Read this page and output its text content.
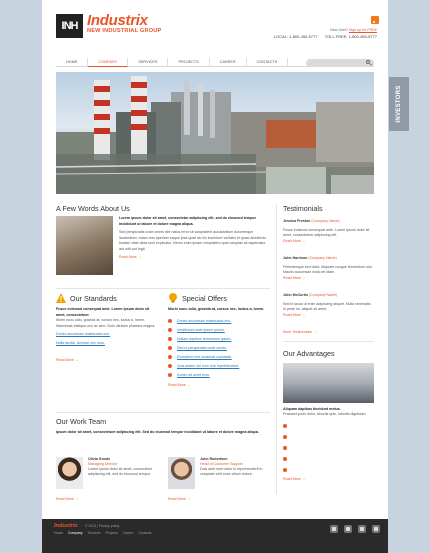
INH Industrix
NEW INDUSTRIAL GROUP	New User? Sign up for FREE
LOCAL: 1-800-455-5777 TOLL FREE: 1-800-455-5777
HOME	COMPANY	SERVICES	PROJECTS	CAREER	CONTACTS
A Few Words About Us
Lorem ipsum dolor sit amet, consectetur adipiscing elit, sed do eiusmod tempor incididunt ut labore et dolore magna aliqua.
Sed perspiciatis unde omnis iste natus error sit voluptatem accusantium doloremque laudantium, totam rem aperiam eaque ipsa quae ab illo inventore veritatis et quasi architecto beatae vitae dicta sunt explicabo. Nemo enim ipsam voluptatem quia voluptas sit aspernatur aut odit aut fugit.
Read More →
Our Standards
Fusce euismod consequat ante. Lorem ipsum dolor sit amet, consectetuer.
Morbi nunc odio, gravida at, cursus nec, luctus a, lorem. Maecenas tristique orci ac sem. Duis ultricies pharetra magna.
Donec accumsan malesuada orci.
Nulla facilisi. Aenean nec eros.
Read More →
Special Offers
Morbi nunc odio, gravida at, cursus nec, luctus a, lorem.
Donec accumsan malesuada orci.
Vestibulum ante ipsum primis.
Nullam dapibus fermentum ipsum.
Sed ut perspiciatis unde omnis.
Excepteur sint occaecat cupidatat.
Quis autem vel eum iure reprehenderit.
Donec sit amet eros.
Read More →
Our Work Team
Ipsum dolor sit amet, consectetuer adipiscing elit. Sed do eiusmod tempor incididunt ut labore et dolore magna aliqua.
Olivia Goods
Managing Director
Lorem ipsum dolor sit amet, consectetur adipisicing elit, sed do eiusmod tempor.
Read More →
John Robertson
Head of Customer Support
Duis aute irure dolor in reprehenderit in voluptate velit esse cillum dolore.
Read More →
Testimonials
Jessica Preston (Company Name)
Fusce euismod consequat ante. Lorem ipsum dolor sit amet, consectetuer adipiscing elit.
Read More →
John Harrison (Company Name)
Pellentesque sed dolor. Aliquam congue fermentum nisl. Mauris accumsan nulla vel diam.
Read More →
John McCurtis (Company Name)
Sed in lacus ut enim adipiscing aliquet. Nulla venenatis. In pede mi, aliquet sit amet.
Read More →
More Testimonials →
Our Advantages
Aliquam dapibus tincidunt metus.
Praesent justo dolor, lobortis quis, lobortis dignissim.
Read More →
Industrix © 2013 | Privacy policy
Home Company Services Projects Career Contacts
INVESTORS
